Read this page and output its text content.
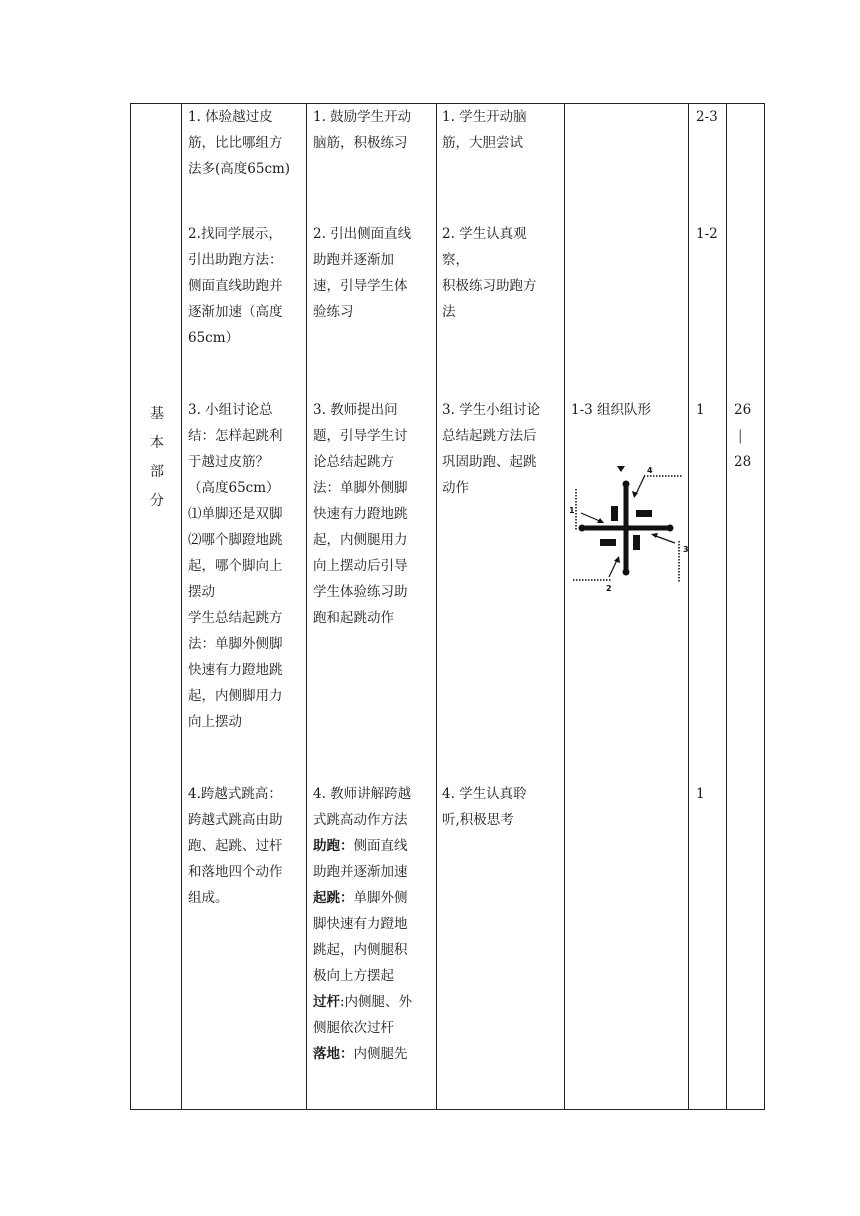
基
本
部
分
1. 体验越过皮
筋，比比哪组方
法多(高度65cm)
2.找同学展示，
引出助跑方法：
侧面直线助跑并
逐渐加速（高度
65cm）
3. 小组讨论总
结：怎样起跳利
于越过皮筋？
（高度65cm）
⑴单脚还是双脚
⑵哪个脚蹬地跳
起，哪个脚向上
摆动
学生总结起跳方
法：单脚外侧脚
快速有力蹬地跳
起，内侧脚用力
向上摆动
4.跨越式跳高：
跨越式跳高由助
跑、起跳、过杆
和落地四个动作
组成。
1. 鼓励学生开动
脑筋，积极练习
2. 引出侧面直线
助跑并逐渐加
速，引导学生体
验练习
3. 教师提出问
题，引导学生讨
论总结起跳方
法：单脚外侧脚
快速有力蹬地跳
起，内侧腿用力
向上摆动后引导
学生体验练习助
跑和起跳动作
4. 教师讲解跨越
式跳高动作方法
助跑：侧面直线
助跑并逐渐加速
起跳：单脚外侧
脚快速有力蹬地
跳起，内侧腿积
极向上方摆起
过杆:内侧腿、外
侧腿依次过杆
落地：内侧腿先
1. 学生开动脑
筋，大胆尝试
2. 学生认真观
察，
积极练习助跑方
法
3. 学生小组讨论
总结起跳方法后
巩固助跑、起跳
动作
4. 学生认真聆
听,积极思考
1-3 组织队形
1
2
3
4
2-3
1-2
1
1
26
|
28
